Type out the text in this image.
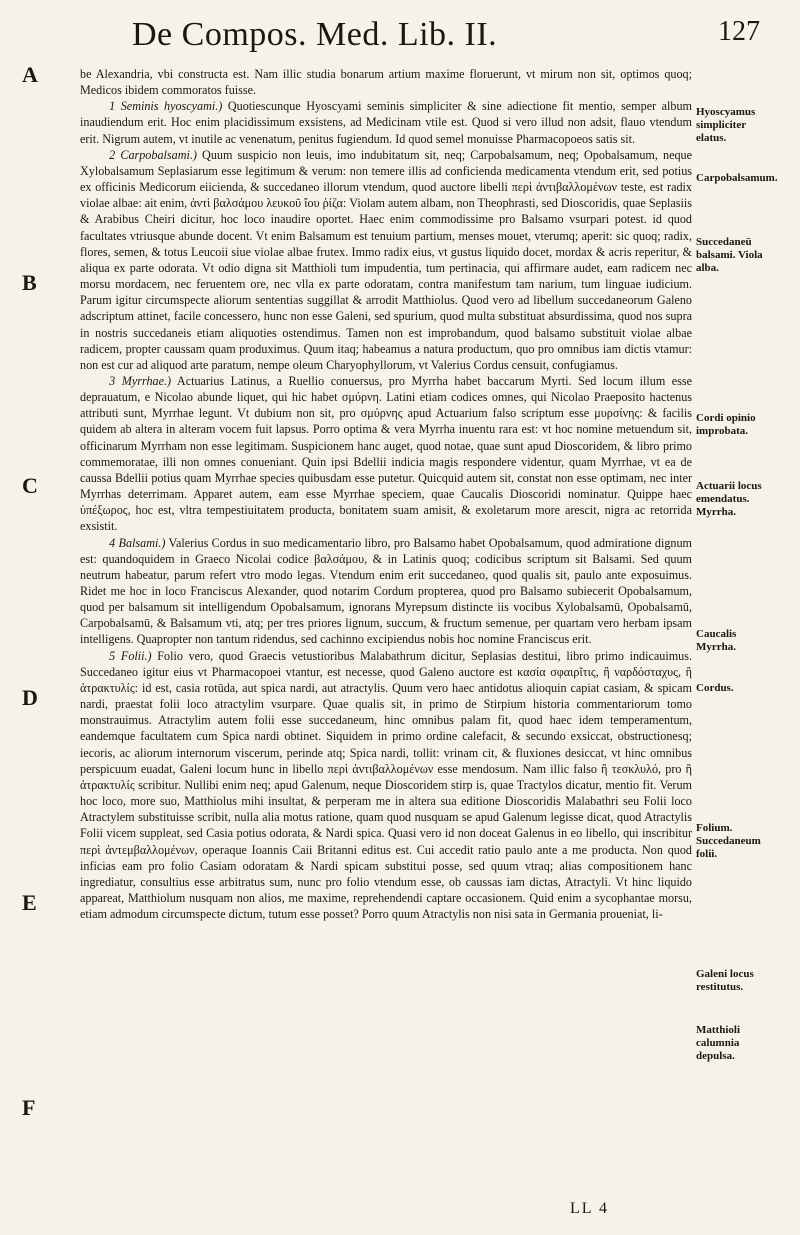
De Compos. Med. Lib. II.	127
A
B
C
D
E
F

be Alexandria, vbi constructa est. Nam illic studia bonarum artium maxime floruerunt, vt mirum non sit, optimos quoq; Medicos ibidem commoratos fuisse.

1 Seminis hyoscyami.) Quotiescunque Hyoscyami seminis simpliciter & sine adiectione fit mentio, semper album inaudiendum erit. Hoc enim placidissimum exsistens, ad Medicinam vtile est. Quod si vero illud non adsit, flauo vtendum erit. Nigrum autem, vt inutile ac venenatum, penitus fugiendum. Id quod semel monuisse Pharmacopoeos satis sit.

2 Carpobalsami.) Quum suspicio non leuis, imo indubitatum sit, neq; Carpobalsamum, neq; Opobalsamum, neque Xylobalsamum Seplasiarum esse legitimum & verum: non temere illis ad conficienda medicamenta vtendum erit, sed potius ex officinis Medicorum eiicienda, & succedaneo illorum vtendum, quod auctore libelli περὶ ἀντιβαλλομένων teste, est radix violae albae: ait enim, ἀντὶ βαλσάμου λευκοῦ ἴου ῥίζα: Violam autem albam, non Theophrasti, sed Dioscoridis, quae Seplasiis & Arabibus Cheiri dicitur, hoc loco inaudire oportet. Haec enim commodissime pro Balsamo vsurpari potest. id quod facultates vtriusque abunde docent. Vt enim Balsamum est tenuium partium, menses mouet, vterumq; aperit: sic quoq; radix, flores, semen, & totus Leucoii siue violae albae frutex. Immo radix eius, vt gustus liquido docet, mordax & acris reperitur, & aliqua ex parte odorata. Vt odio digna sit Matthioli tum impudentia, tum pertinacia, qui affirmare audet, eam radicem nec morsu mordacem, nec feruentem ore, nec vlla ex parte odoratam, contra manifestum tam narium, tum linguae iudicium. Parum igitur circumspecte aliorum sententias suggillat & arrodit Matthiolus. Quod vero ad libellum succedaneorum Galeno adscriptum attinet, facile concessero, hunc non esse Galeni, sed spurium, quod multa substituat absurdissima, quod nos supra in nostris succedaneis etiam aliquoties ostendimus. Tamen non est improbandum, quod balsamo substituit violae albae radicem, propter caussam quam produximus. Quum itaq; habeamus a natura productum, quo pro omnibus iam dictis vtamur: non est cur ad aliquod arte paratum, nempe oleum Charyophyllorum, vt Valerius Cordus censuit, confugiamus.

3 Myrrhae.) Actuarius Latinus, a Ruellio conuersus, pro Myrrha habet baccarum Myrti. Sed locum illum esse deprauatum, e Nicolao abunde liquet, qui hic habet σμύρνη. Latini etiam codices omnes, qui Nicolao Praeposito hactenus attributi sunt, Myrrhae legunt. Vt dubium non sit, pro σμύρνης apud Actuarium falso scriptum esse μυρσίνης: & facilis quidem ab altera in alteram vocem fuit lapsus. Porro optima & vera Myrrha inuentu rara est: vt hoc nomine metuendum sit, officinarum Myrrham non esse legitimam. Suspicionem hanc auget, quod notae, quae sunt apud Dioscoridem, & libro primo commemoratae, illi non omnes conueniant. Quin ipsi Bdellii indicia magis respondere videntur, quam Myrrhae, vt ea de caussa Bdellii potius quam Myrrhae species quibusdam esse putetur. Quicquid autem sit, constat non esse optimam, nec inter Myrrhas deterrimam. Apparet autem, eam esse Myrrhae speciem, quae Caucalis Dioscoridi nominatur. Quippe haec ὑπέξωρος, hoc est, vltra tempestiuitatem producta, bonitatem suam amisit, & exoletarum more arescit, nigra ac retorrida exsistit.

4 Balsami.) Valerius Cordus in suo medicamentario libro, pro Balsamo habet Opobalsamum, quod admiratione dignum est: quandoquidem in Graeco Nicolai codice βαλσάμου, & in Latinis quoq; codicibus scriptum sit Balsami. Sed quum neutrum habeatur, parum refert vtro modo legas. Vtendum enim erit succedaneo, quod qualis sit, paulo ante exposuimus. Ridet me hoc in loco Franciscus Alexander, quod notarim Cordum propterea, quod pro Balsamo subiecerit Opobalsamum, quod per balsamum sit intelligendum Opobalsamum, ignorans Myrepsum distincte iis vocibus Xylobalsamū, Opobalsamū, Carpobalsamū, & Balsamum vti, atq; per tres priores lignum, succum, & fructum semenue, per quartam vero herbam ipsam intelligens. Quapropter non tantum ridendus, sed cachinno excipiendus nobis hoc nomine Franciscus erit.

5 Folii.) Folio vero, quod Graecis vetustioribus Malabathrum dicitur, Seplasias destitui, libro primo indicauimus. Succedaneo igitur eius vt Pharmacopoei vtantur, est necesse, quod Galeno auctore est κασία σφαιρῖτις, ἢ ναρδόσταχυς, ἢ ἀτρακτυλίς: id est, casia rotūda, aut spica nardi, aut atractylis. Quum vero haec antidotus alioquin capiat casiam, & spicam nardi, praestat folii loco atractylim vsurpare. Quae qualis sit, in primo de Stirpium historia commentariorum tomo monstrauimus. Atractylim autem folii esse succedaneum, hinc omnibus palam fit, quod haec idem temperamentum, eandemque facultatem cum Spica nardi obtinet. Siquidem in primo ordine calefacit, & secundo exsiccat, obstructionesq; iecoris, ac aliorum internorum viscerum, perinde atq; Spica nardi, tollit: vrinam cit, & fluxiones desiccat, vt hinc omnibus perspicuum euadat, Galeni locum hunc in libello περὶ ἀντιβαλλομένων esse mendosum. Nam illic falso ἢ τεσκλυλό, pro ἢ ἀτρακτυλίς scribitur. Nullibi enim neq; apud Galenum, neque Dioscoridem stirp is, quae Tractylos dicatur, mentio fit. Verum hoc loco, more suo, Matthiolus mihi insultat, & perperam me in altera sua editione Dioscoridis Malabathri seu Folii loco Atractylem substituisse scribit, nulla alia motus ratione, quam quod nusquam se apud Galenum legisse dicat, quod Atractylis Folii vicem suppleat, sed Casia potius odorata, & Nardi spica. Quasi vero id non doceat Galenus in eo libello, qui inscribitur περὶ ἀντεμβαλλομένων, operaque Ioannis Caii Britanni editus est. Cui accedit ratio paulo ante a me producta. Non quod inficias eam pro folio Casiam odoratam & Nardi spicam substitui posse, sed quum vtraq; alias compositionem hanc ingrediatur, consultius esse arbitratus sum, nunc pro folio vtendum esse, ob caussas iam dictas, Atractyli. Vt hinc liquido appareat, Matthiolum nusquam non alios, me maxime, reprehendendi captare occasionem. Quid enim a sycophantae morsu, etiam admodum circumspecte dictum, tutum esse posset? Porro quum Atractylis non nisi sata in Germania proueniat, li-

Hyoscyamus simpliciter elatus.
Carpobalsamum.
Succedaneū balsami. Viola alba.
Cordi opinio improbata.
Actuarii locus emendatus. Myrrha.
Caucalis Myrrha.
Cordus.
Folium. Succedaneum folii.
Galeni locus restitutus.
Matthioli calumnia depulsa.
LL 4
